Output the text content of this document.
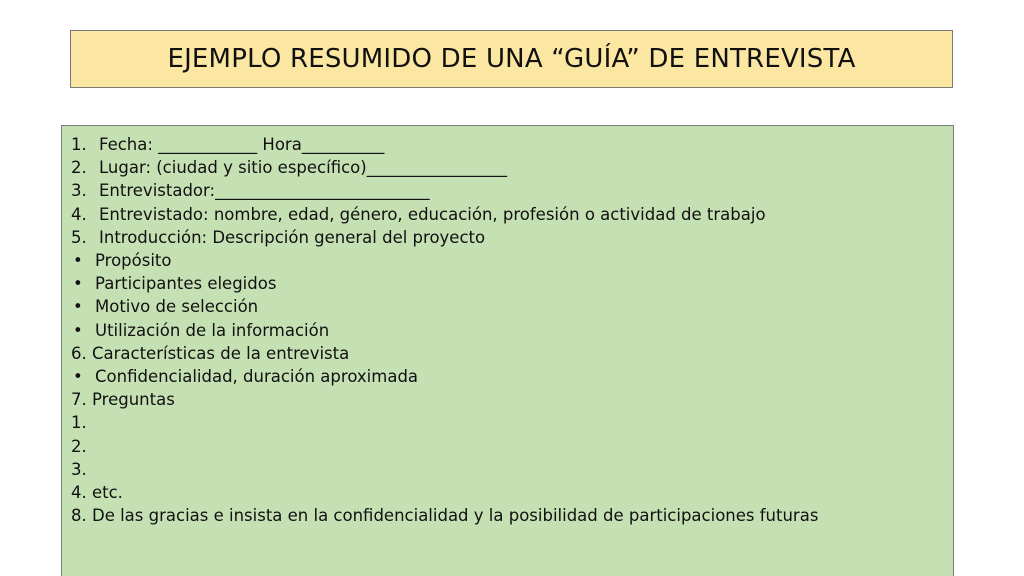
EJEMPLO RESUMIDO DE UNA “GUÍA” DE ENTREVISTA
1. Fecha: ____________ Hora__________
2. Lugar: (ciudad y sitio específico)_________________
3. Entrevistador:__________________________
4. Entrevistado: nombre, edad, género, educación, profesión o actividad de trabajo
5. Introducción: Descripción general del proyecto
• Propósito
• Participantes elegidos
• Motivo de selección
• Utilización de la información
6. Características de la entrevista
• Confidencialidad, duración aproximada
7. Preguntas
1.
2.
3.
4. etc.
8. De las gracias e insista en la confidencialidad y la posibilidad de participaciones futuras
